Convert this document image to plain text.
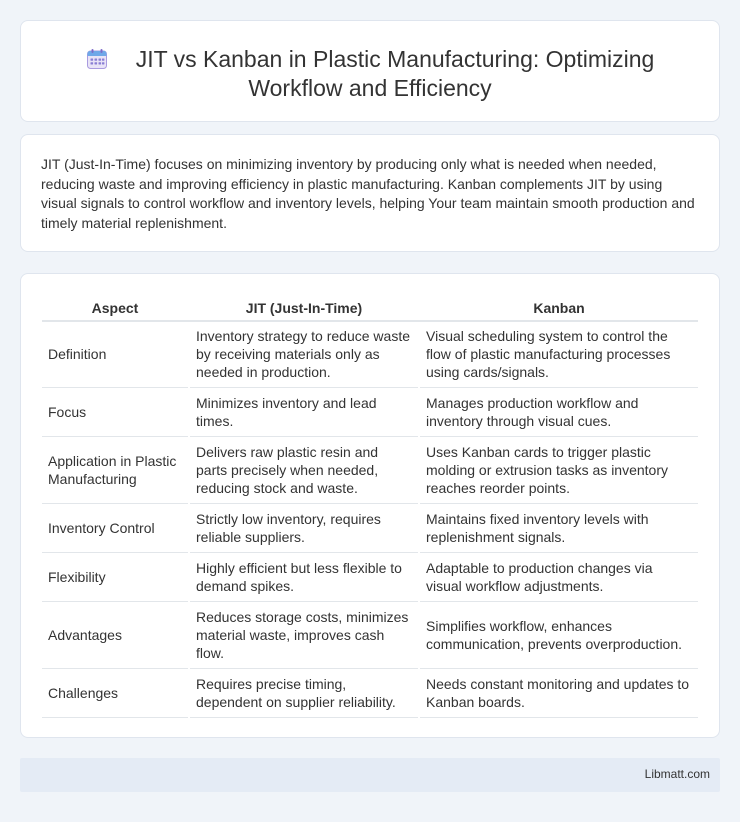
JIT vs Kanban in Plastic Manufacturing: Optimizing
Workflow and Efficiency

JIT (Just-In-Time) focuses on minimizing inventory by producing only what is needed when needed, reducing waste and improving efficiency in plastic manufacturing. Kanban complements JIT by using visual signals to control workflow and inventory levels, helping Your team maintain smooth production and timely material replenishment.

Aspect	JIT (Just-In-Time)	Kanban
Definition	Inventory strategy to reduce waste by receiving materials only as needed in production.	Visual scheduling system to control the flow of plastic manufacturing processes using cards/signals.
Focus	Minimizes inventory and lead times.	Manages production workflow and inventory through visual cues.
Application in Plastic Manufacturing	Delivers raw plastic resin and parts precisely when needed, reducing stock and waste.	Uses Kanban cards to trigger plastic molding or extrusion tasks as inventory reaches reorder points.
Inventory Control	Strictly low inventory, requires reliable suppliers.	Maintains fixed inventory levels with replenishment signals.
Flexibility	Highly efficient but less flexible to demand spikes.	Adaptable to production changes via visual workflow adjustments.
Advantages	Reduces storage costs, minimizes material waste, improves cash flow.	Simplifies workflow, enhances communication, prevents overproduction.
Challenges	Requires precise timing, dependent on supplier reliability.	Needs constant monitoring and updates to Kanban boards.
Libmatt.com
